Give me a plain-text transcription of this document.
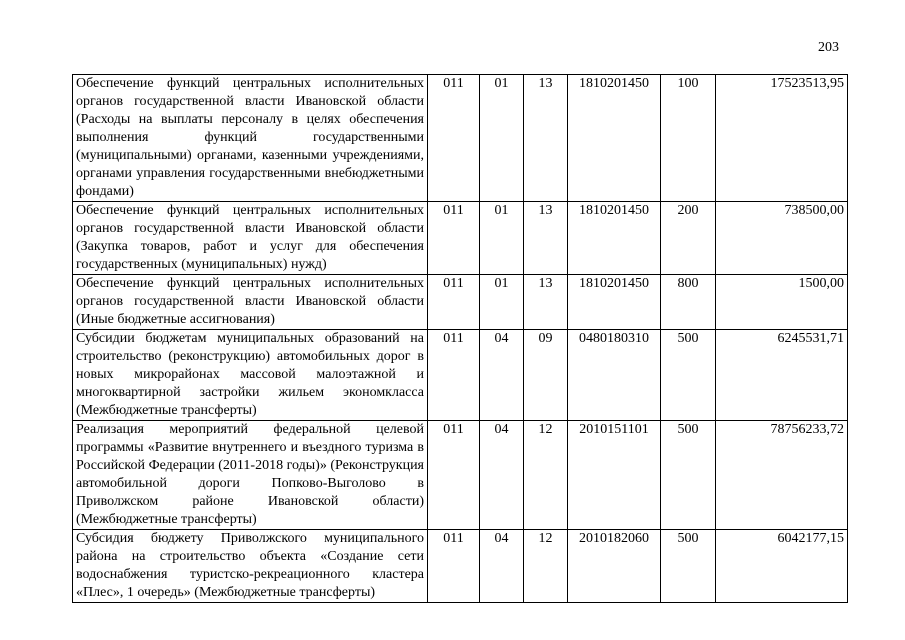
203
Обеспечение функций центральных исполнительных органов государственной власти Ивановской области (Расходы на выплаты персоналу в целях обеспечения выполнения функций государственными (муниципальными) органами, казенными учреждениями, органами управления государственными внебюджетными фондами)	011	01	13	1810201450	100	17523513,95
Обеспечение функций центральных исполнительных органов государственной власти Ивановской области (Закупка товаров, работ и услуг для обеспечения государственных (муниципальных) нужд)	011	01	13	1810201450	200	738500,00
Обеспечение функций центральных исполнительных органов государственной власти Ивановской области (Иные бюджетные ассигнования)	011	01	13	1810201450	800	1500,00
Субсидии бюджетам муниципальных образований на строительство (реконструкцию) автомобильных дорог в новых микрорайонах массовой малоэтажной и многоквартирной застройки жильем экономкласса (Межбюджетные трансферты)	011	04	09	0480180310	500	6245531,71
Реализация мероприятий федеральной целевой программы «Развитие внутреннего и въездного туризма в Российской Федерации (2011-2018 годы)» (Реконструкция автомобильной дороги Попково-Выголово в Приволжском районе Ивановской области) (Межбюджетные трансферты)	011	04	12	2010151101	500	78756233,72
Субсидия бюджету Приволжского муниципального района на строительство объекта «Создание сети водоснабжения туристско-рекреационного кластера «Плес», 1 очередь» (Межбюджетные трансферты)	011	04	12	2010182060	500	6042177,15
